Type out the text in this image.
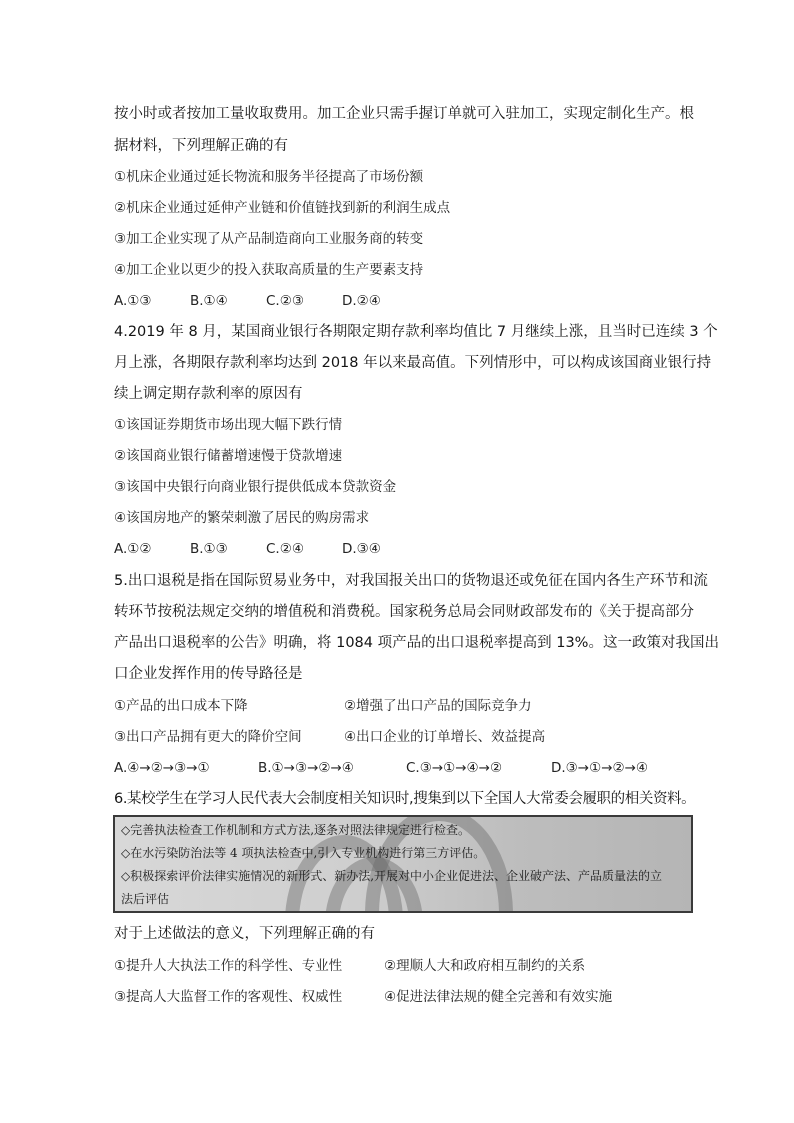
按小时或者按加工量收取费用。加工企业只需手握订单就可入驻加工，实现定制化生产。根
据材料，下列理解正确的有
①机床企业通过延长物流和服务半径提高了市场份额
②机床企业通过延伸产业链和价值链找到新的利润生成点
③加工企业实现了从产品制造商向工业服务商的转变
④加工企业以更少的投入获取高质量的生产要素支持
A.①③	B.①④	C.②③	D.②④
4.2019 年 8 月，某国商业银行各期限定期存款利率均值比 7 月继续上涨，且当时已连续 3 个
月上涨，各期限存款利率均达到 2018 年以来最高值。下列情形中，可以构成该国商业银行持
续上调定期存款利率的原因有
①该国证券期货市场出现大幅下跌行情
②该国商业银行储蓄增速慢于贷款增速
③该国中央银行向商业银行提供低成本贷款资金
④该国房地产的繁荣刺激了居民的购房需求
A.①②	B.①③	C.②④	D.③④
5.出口退税是指在国际贸易业务中，对我国报关出口的货物退还或免征在国内各生产环节和流
转环节按税法规定交纳的增值税和消费税。国家税务总局会同财政部发布的《关于提高部分
产品出口退税率的公告》明确，将 1084 项产品的出口退税率提高到 13%。这一政策对我国出
口企业发挥作用的传导路径是
①产品的出口成本下降	②增强了出口产品的国际竞争力
③出口产品拥有更大的降价空间	④出口企业的订单增长、效益提高
A.④→②→③→①	B.①→③→②→④	C.③→①→④→②	D.③→①→②→④
6.某校学生在学习人民代表大会制度相关知识时,搜集到以下全国人大常委会履职的相关资料。
◇完善执法检查工作机制和方式方法,逐条对照法律规定进行检查。
◇在水污染防治法等 4 项执法检查中,引入专业机构进行第三方评估。
◇积极探索评价法律实施情况的新形式、新办法,开展对中小企业促进法、企业破产法、产品质量法的立
法后评估
对于上述做法的意义，下列理解正确的有
①提升人大执法工作的科学性、专业性	②理顺人大和政府相互制约的关系
③提高人大监督工作的客观性、权威性	④促进法律法规的健全完善和有效实施
